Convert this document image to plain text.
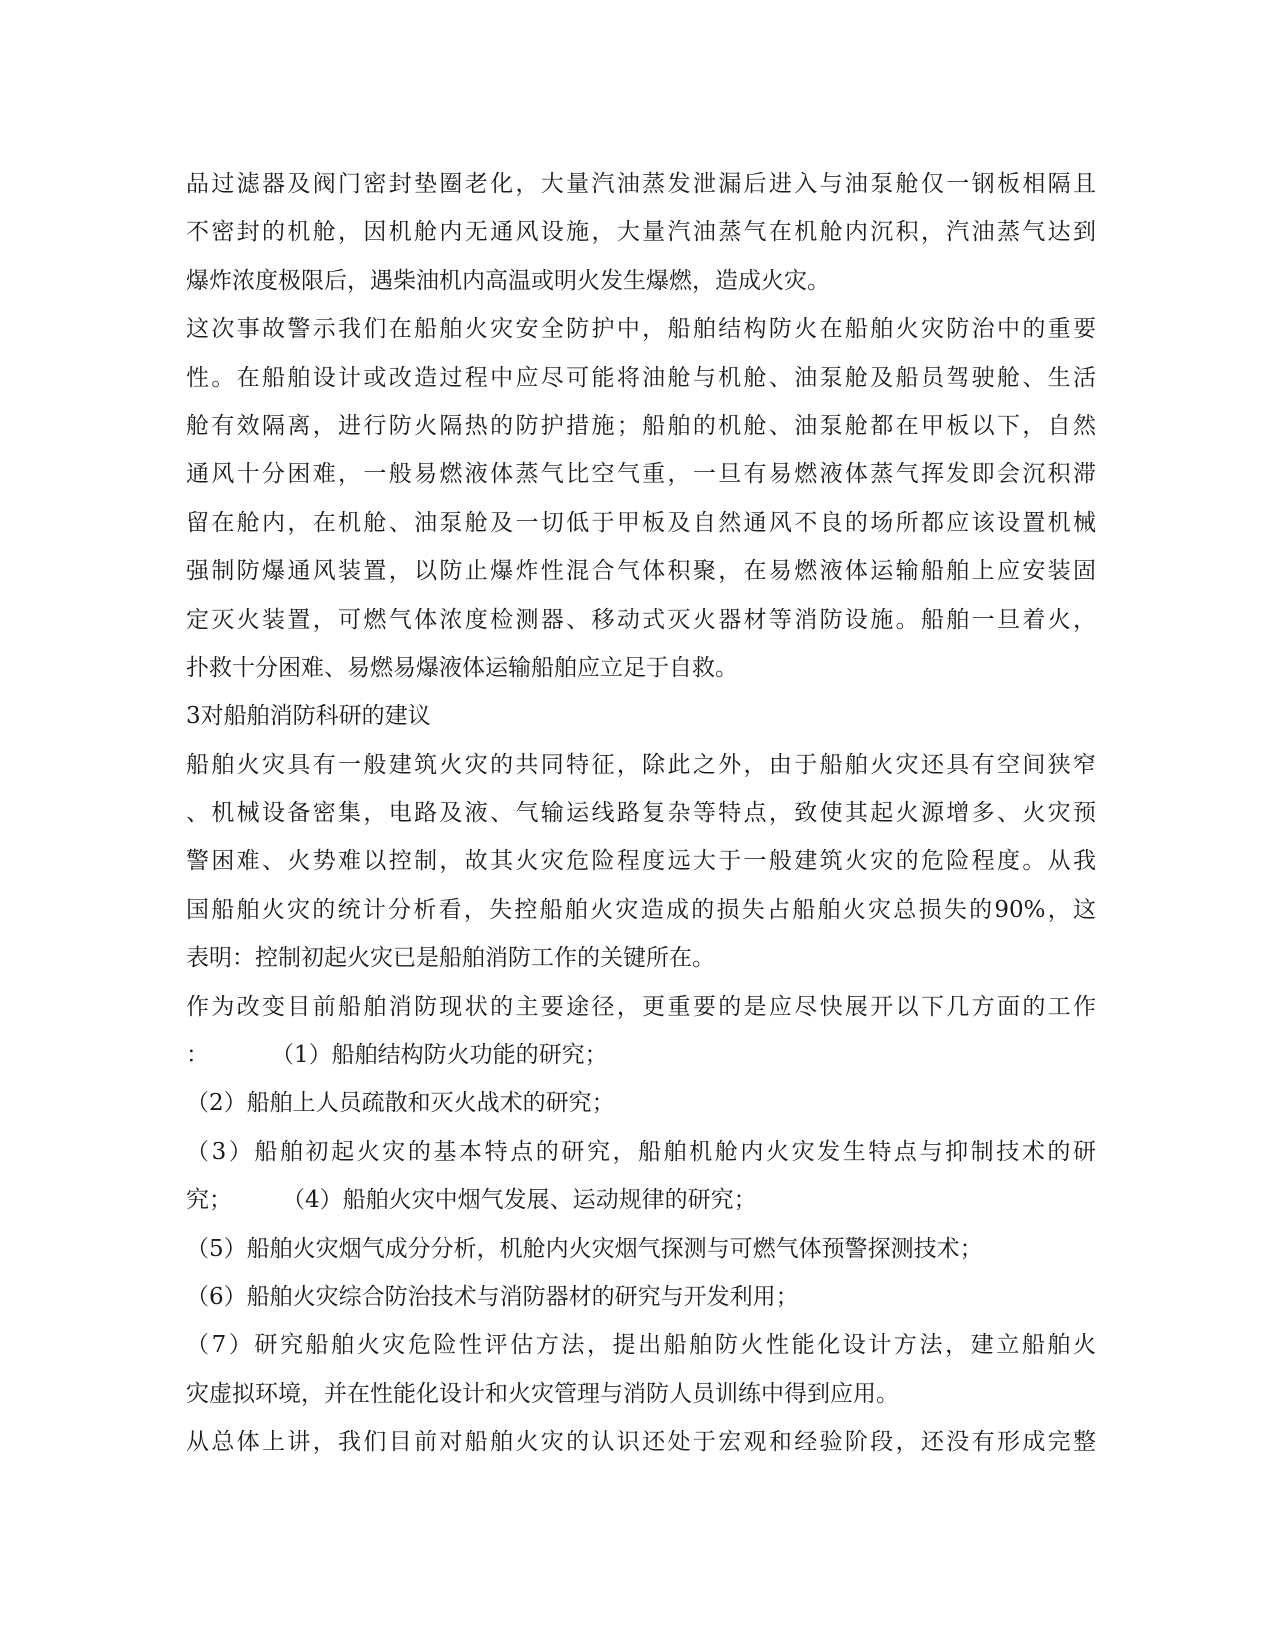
品过滤器及阀门密封垫圈老化，大量汽油蒸发泄漏后进入与油泵舱仅一钢板相隔且
不密封的机舱，因机舱内无通风设施，大量汽油蒸气在机舱内沉积，汽油蒸气达到
爆炸浓度极限后，遇柴油机内高温或明火发生爆燃，造成火灾。
这次事故警示我们在船舶火灾安全防护中，船舶结构防火在船舶火灾防治中的重要
性。在船舶设计或改造过程中应尽可能将油舱与机舱、油泵舱及船员驾驶舱、生活
舱有效隔离，进行防火隔热的防护措施；船舶的机舱、油泵舱都在甲板以下，自然
通风十分困难，一般易燃液体蒸气比空气重，一旦有易燃液体蒸气挥发即会沉积滞
留在舱内，在机舱、油泵舱及一切低于甲板及自然通风不良的场所都应该设置机械
强制防爆通风装置，以防止爆炸性混合气体积聚，在易燃液体运输船舶上应安装固
定灭火装置，可燃气体浓度检测器、移动式灭火器材等消防设施。船舶一旦着火，
扑救十分困难、易燃易爆液体运输船舶应立足于自救。
3对船舶消防科研的建议
船舶火灾具有一般建筑火灾的共同特征，除此之外，由于船舶火灾还具有空间狭窄
、机械设备密集，电路及液、气输运线路复杂等特点，致使其起火源增多、火灾预
警困难、火势难以控制，故其火灾危险程度远大于一般建筑火灾的危险程度。从我
国船舶火灾的统计分析看，失控船舶火灾造成的损失占船舶火灾总损失的90%，这
表明：控制初起火灾已是船舶消防工作的关键所在。
作为改变目前船舶消防现状的主要途径，更重要的是应尽快展开以下几方面的工作
：	（1）船舶结构防火功能的研究；
（2）船舶上人员疏散和灭火战术的研究；
（3）船舶初起火灾的基本特点的研究，船舶机舱内火灾发生特点与抑制技术的研
究； （4）船舶火灾中烟气发展、运动规律的研究；
（5）船舶火灾烟气成分分析，机舱内火灾烟气探测与可燃气体预警探测技术；
（6）船舶火灾综合防治技术与消防器材的研究与开发利用；
（7）研究船舶火灾危险性评估方法，提出船舶防火性能化设计方法，建立船舶火
灾虚拟环境，并在性能化设计和火灾管理与消防人员训练中得到应用。
从总体上讲，我们目前对船舶火灾的认识还处于宏观和经验阶段，还没有形成完整
